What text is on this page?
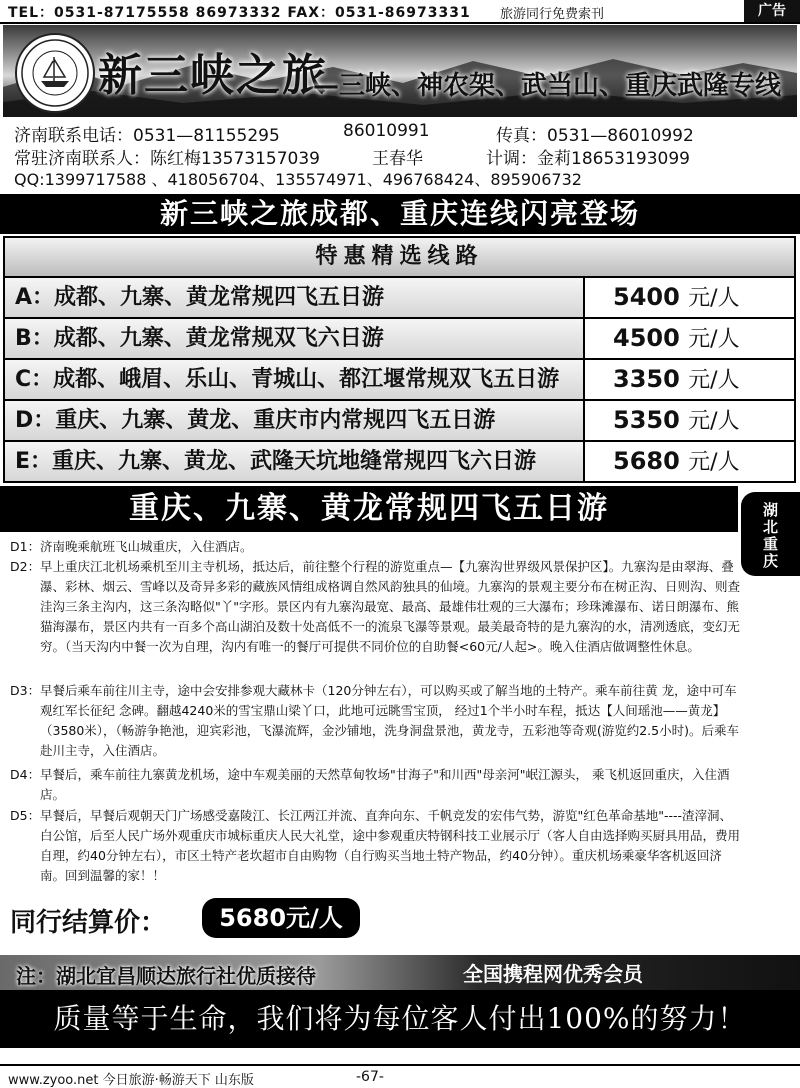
TEL：0531-87175558 86973332 FAX：0531-86973331 旅游同行免费索刊	广告
新三峡之旅
—三峡、神农架、武当山、重庆武隆专线
济南联系电话：0531—81155295	86010991	传真：0531—86010992
常驻济南联系人：陈红梅13573157039	王春华	计调：金莉18653193099
QQ:1399717588 、418056704、135574971、496768424、895906732
新三峡之旅成都、重庆连线闪亮登场
特惠精选线路
A：成都、九寨、黄龙常规四飞五日游	5400 元/人
B：成都、九寨、黄龙常规双飞六日游	4500 元/人
C：成都、峨眉、乐山、青城山、都江堰常规双飞五日游	3350 元/人
D：重庆、九寨、黄龙、重庆市内常规四飞五日游	5350 元/人
E：重庆、九寨、黄龙、武隆天坑地缝常规四飞六日游	5680 元/人
重庆、九寨、黄龙常规四飞五日游	湖北重庆
D1： 济南晚乘航班飞山城重庆，入住酒店。
D2： 早上重庆江北机场乘机至川主寺机场，抵达后，前往整个行程的游览重点—【九寨沟世界级风景保护区】。九寨沟是由翠海、叠瀑、彩林、烟云、雪峰以及奇异多彩的藏族风情组成格调自然风韵独具的仙境。九寨沟的景观主要分布在树正沟、日则沟、则查洼沟三条主沟内，这三条沟略似"丫"字形。景区内有九寨沟最宽、最高、最雄伟壮观的三大瀑布；珍珠滩瀑布、诺日朗瀑布、熊猫海瀑布，景区内共有一百多个高山湖泊及数十处高低不一的流泉飞瀑等景观。最美最奇特的是九寨沟的水，清冽透底，变幻无穷。（当天沟内中餐一次为自理，沟内有唯一的餐厅可提供不同价位的自助餐<60元/人起>。晚入住酒店做调整性休息。
D3： 早餐后乘车前往川主寺，途中会安排参观大藏林卡（120分钟左右），可以购买或了解当地的土特产。乘车前往黄 龙，途中可车观红军长征纪 念碑。翻越4240米的雪宝鼎山梁丫口，此地可远眺雪宝顶， 经过1个半小时车程，抵达【人间瑶池——黄龙】（3580米），（畅游争艳池，迎宾彩池，飞瀑流辉，金沙铺地，洗身洞盘景池，黄龙寺，五彩池等奇观(游览约2.5小时)。后乘车赴川主寺，入住酒店。
D4： 早餐后，乘车前往九寨黄龙机场，途中车观美丽的天然草甸牧场"甘海子"和川西"母亲河"岷江源头， 乘飞机返回重庆，入住酒店。
D5： 早餐后，早餐后观朝天门广场感受嘉陵江、长江两江并流、直奔向东、千帆竞发的宏伟气势，游览"红色革命基地"----渣滓洞、白公馆，后至人民广场外观重庆市城标重庆人民大礼堂，途中参观重庆特钢科技工业展示厅（客人自由选择购买厨具用品，费用自理，约40分钟左右），市区土特产老坎超市自由购物（自行购买当地土特产物品，约40分钟）。重庆机场乘豪华客机返回济南。回到温馨的家！！
同行结算价：	5680元/人
注：湖北宜昌顺达旅行社优质接待	全国携程网优秀会员
质量等于生命，我们将为每位客人付出100%的努力！
www.zyoo.net 今日旅游·畅游天下 山东版	-67-
